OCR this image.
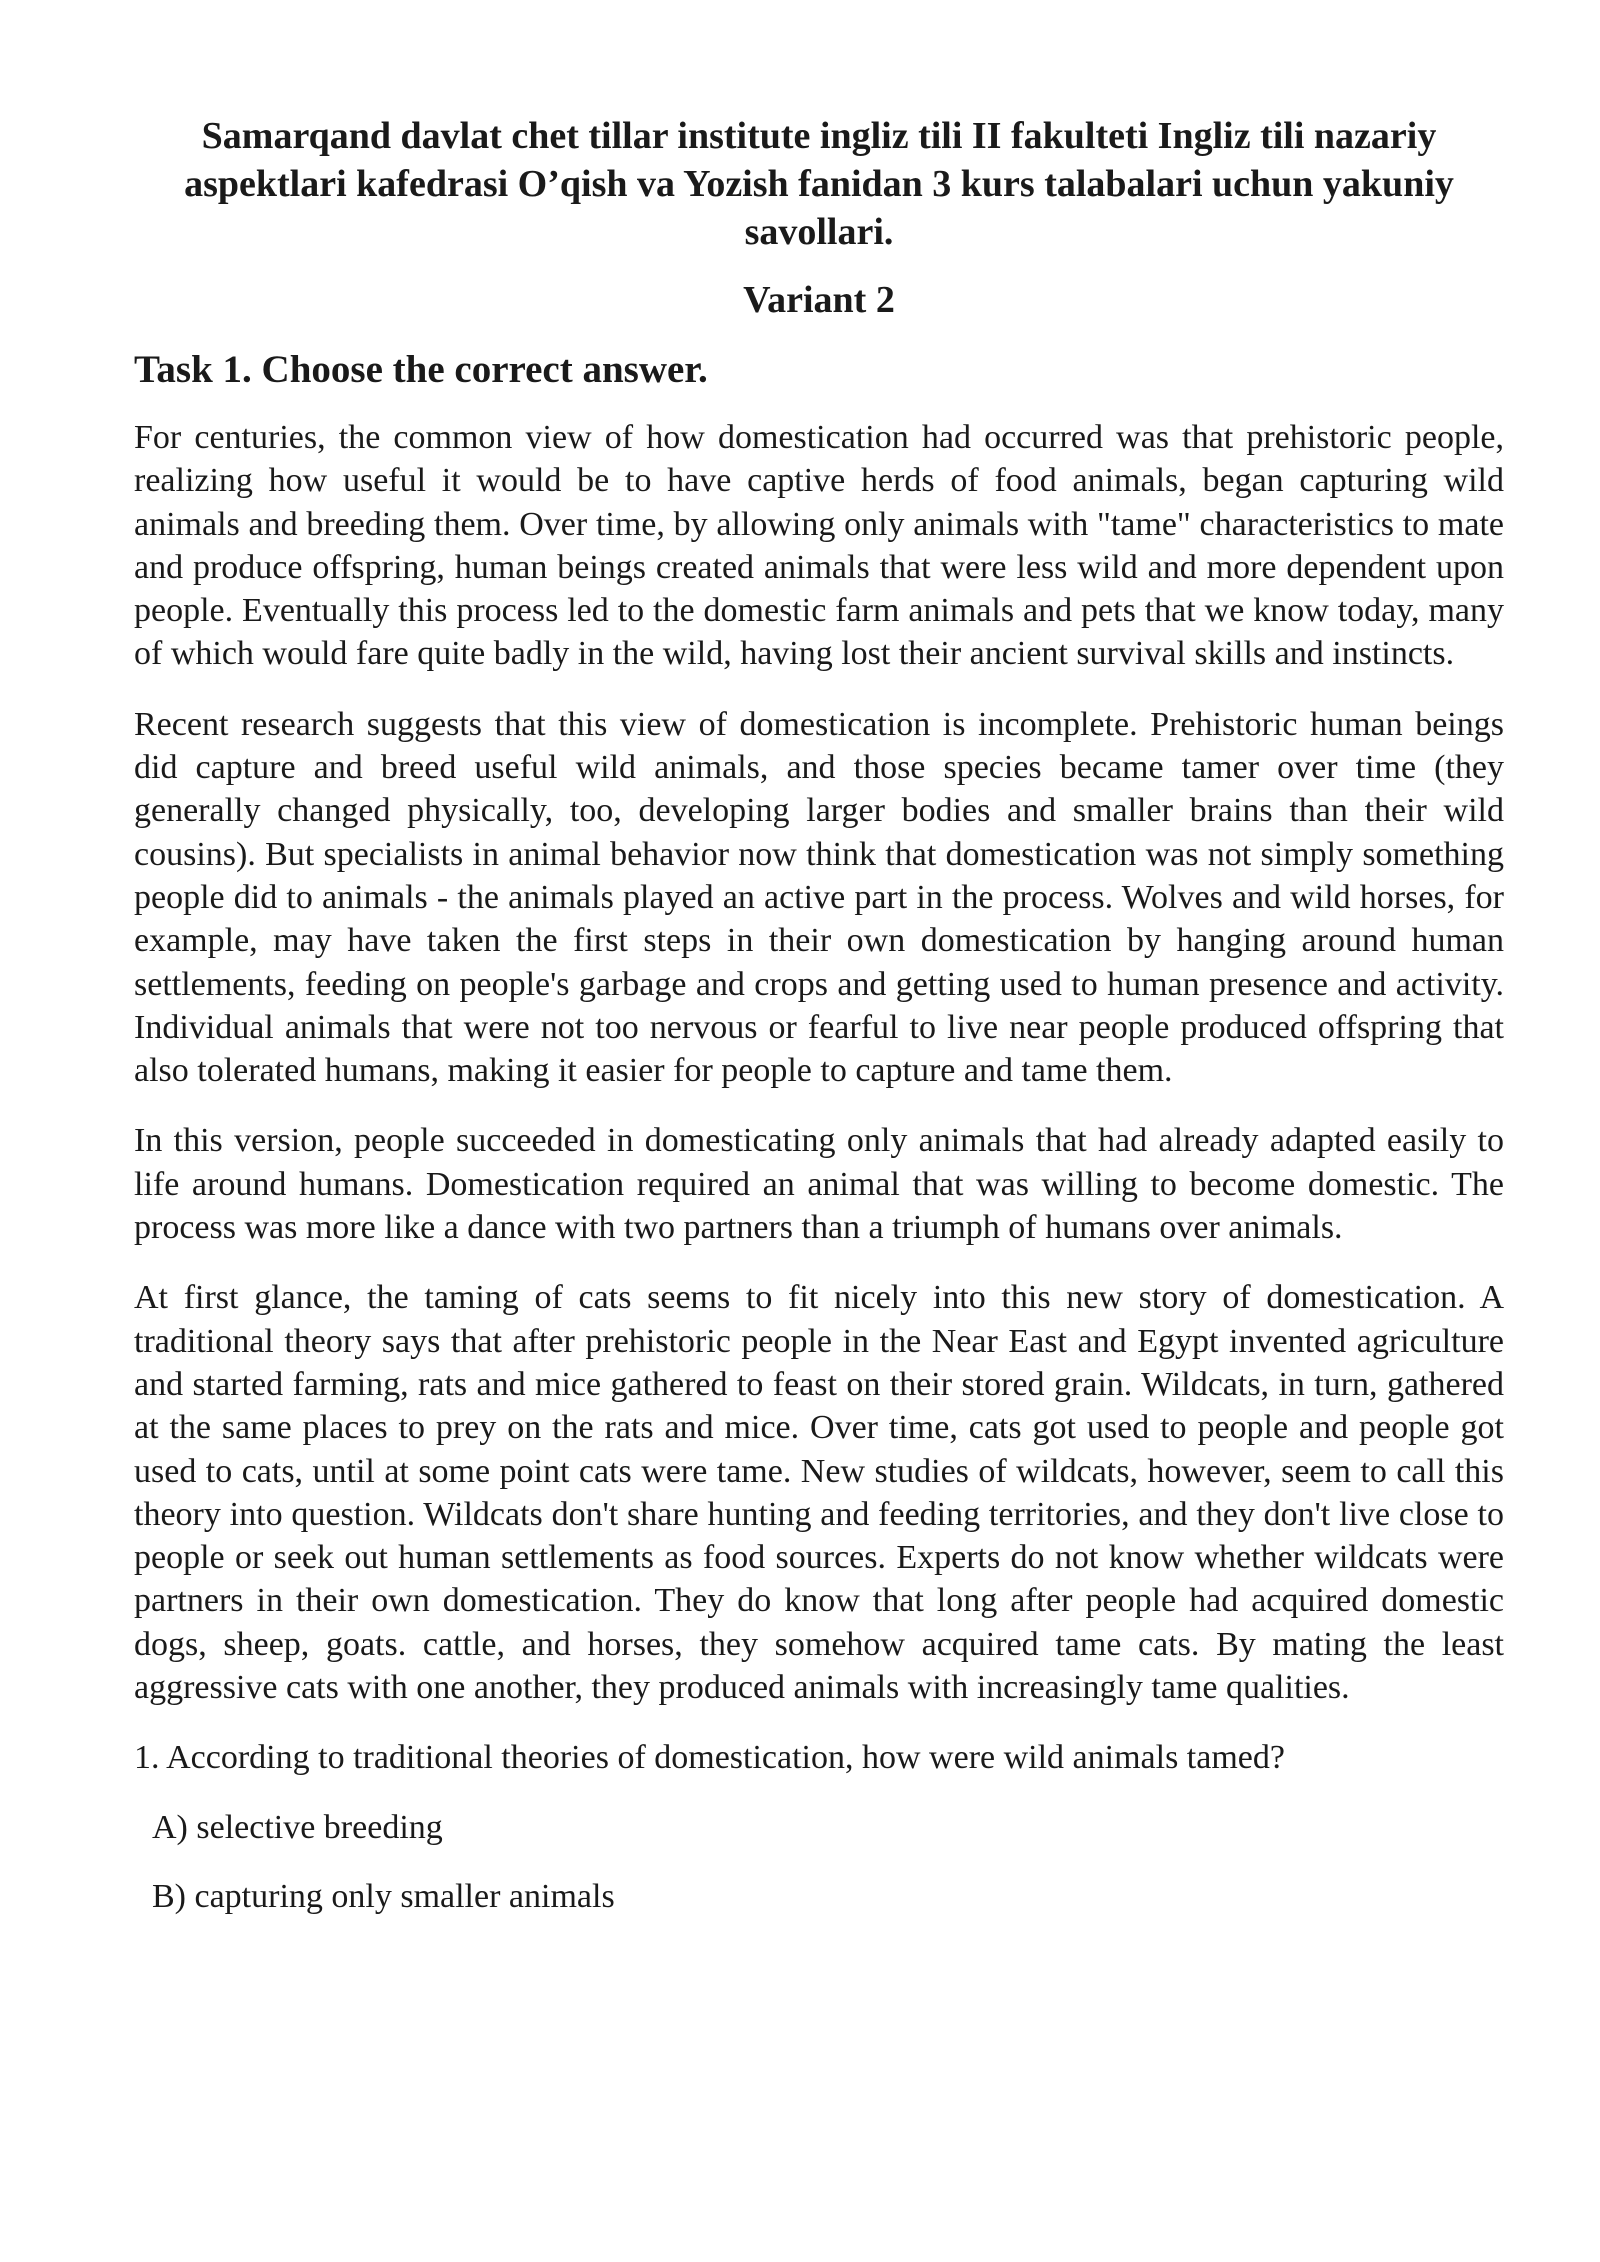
Samarqand davlat chet tillar institute ingliz tili II fakulteti Ingliz tili nazariy aspektlari kafedrasi O’qish va Yozish fanidan 3 kurs talabalari uchun yakuniy savollari.
Variant 2
Task 1. Choose the correct answer.

For centuries, the common view of how domestication had occurred was that prehistoric people, realizing how useful it would be to have captive herds of food animals, began capturing wild animals and breeding them. Over time, by allowing only animals with "tame" characteristics to mate and produce offspring, human beings created animals that were less wild and more dependent upon people. Eventually this process led to the domestic farm animals and pets that we know today, many of which would fare quite badly in the wild, having lost their ancient survival skills and instincts.

Recent research suggests that this view of domestication is incomplete. Prehistoric human beings did capture and breed useful wild animals, and those species became tamer over time (they generally changed physically, too, developing larger bodies and smaller brains than their wild cousins). But specialists in animal behavior now think that domestication was not simply something people did to animals - the animals played an active part in the process. Wolves and wild horses, for example, may have taken the first steps in their own domestication by hanging around human settlements, feeding on people's garbage and crops and getting used to human presence and activity. Individual animals that were not too nervous or fearful to live near people produced offspring that also tolerated humans, making it easier for people to capture and tame them.

In this version, people succeeded in domesticating only animals that had already adapted easily to life around humans. Domestication required an animal that was willing to become domestic. The process was more like a dance with two partners than a triumph of humans over animals.

At first glance, the taming of cats seems to fit nicely into this new story of domestication. A traditional theory says that after prehistoric people in the Near East and Egypt invented agriculture and started farming, rats and mice gathered to feast on their stored grain. Wildcats, in turn, gathered at the same places to prey on the rats and mice. Over time, cats got used to people and people got used to cats, until at some point cats were tame. New studies of wildcats, however, seem to call this theory into question. Wildcats don't share hunting and feeding territories, and they don't live close to people or seek out human settlements as food sources. Experts do not know whether wildcats were partners in their own domestication. They do know that long after people had acquired domestic dogs, sheep, goats. cattle, and horses, they somehow acquired tame cats. By mating the least aggressive cats with one another, they produced animals with increasingly tame qualities.

1. According to traditional theories of domestication, how were wild animals tamed?
A) selective breeding
B) capturing only smaller animals
